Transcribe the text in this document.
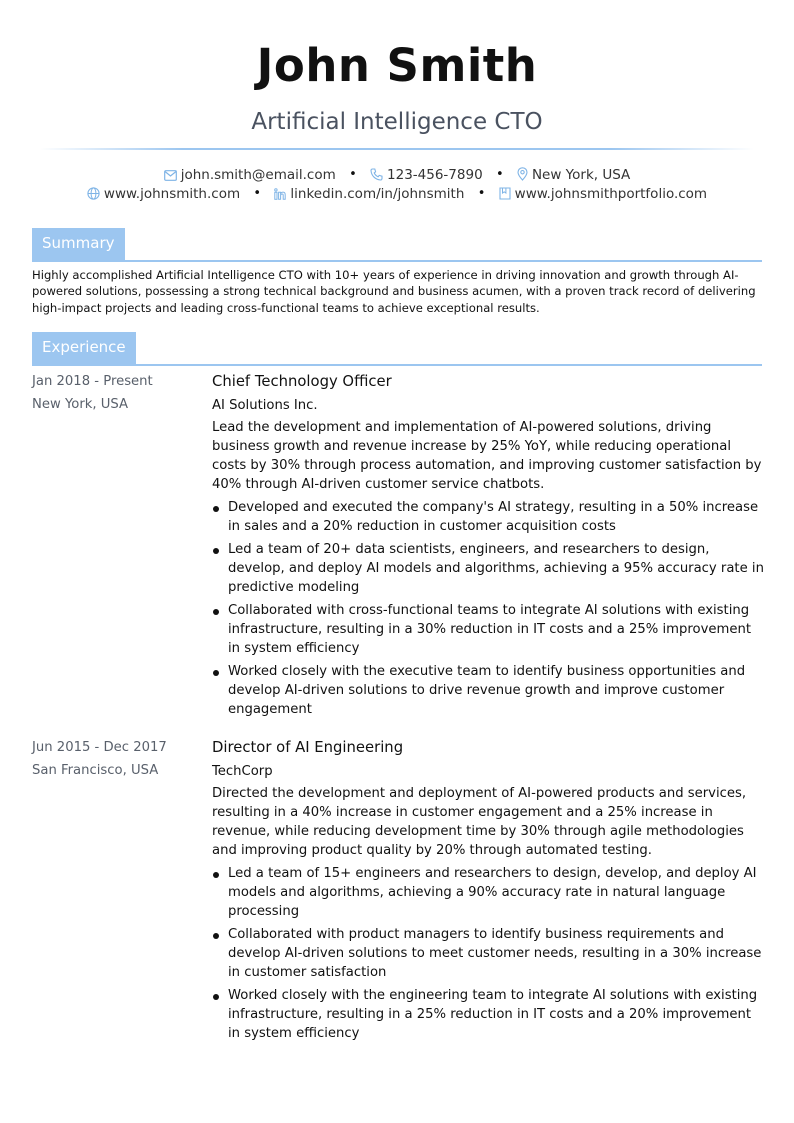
John Smith
Artificial Intelligence CTO
john.smith@email.com • 123-456-7890 • New York, USA
www.johnsmith.com • linkedin.com/in/johnsmith • www.johnsmithportfolio.com
Summary
Highly accomplished Artificial Intelligence CTO with 10+ years of experience in driving innovation and growth through AI-powered solutions, possessing a strong technical background and business acumen, with a proven track record of delivering high-impact projects and leading cross-functional teams to achieve exceptional results.
Experience
Jan 2018 - Present
New York, USA
Chief Technology Officer
AI Solutions Inc.
Lead the development and implementation of AI-powered solutions, driving business growth and revenue increase by 25% YoY, while reducing operational costs by 30% through process automation, and improving customer satisfaction by 40% through AI-driven customer service chatbots.
Developed and executed the company's AI strategy, resulting in a 50% increase in sales and a 20% reduction in customer acquisition costs
Led a team of 20+ data scientists, engineers, and researchers to design, develop, and deploy AI models and algorithms, achieving a 95% accuracy rate in predictive modeling
Collaborated with cross-functional teams to integrate AI solutions with existing infrastructure, resulting in a 30% reduction in IT costs and a 25% improvement in system efficiency
Worked closely with the executive team to identify business opportunities and develop AI-driven solutions to drive revenue growth and improve customer engagement
Jun 2015 - Dec 2017
San Francisco, USA
Director of AI Engineering
TechCorp
Directed the development and deployment of AI-powered products and services, resulting in a 40% increase in customer engagement and a 25% increase in revenue, while reducing development time by 30% through agile methodologies and improving product quality by 20% through automated testing.
Led a team of 15+ engineers and researchers to design, develop, and deploy AI models and algorithms, achieving a 90% accuracy rate in natural language processing
Collaborated with product managers to identify business requirements and develop AI-driven solutions to meet customer needs, resulting in a 30% increase in customer satisfaction
Worked closely with the engineering team to integrate AI solutions with existing infrastructure, resulting in a 25% reduction in IT costs and a 20% improvement in system efficiency
